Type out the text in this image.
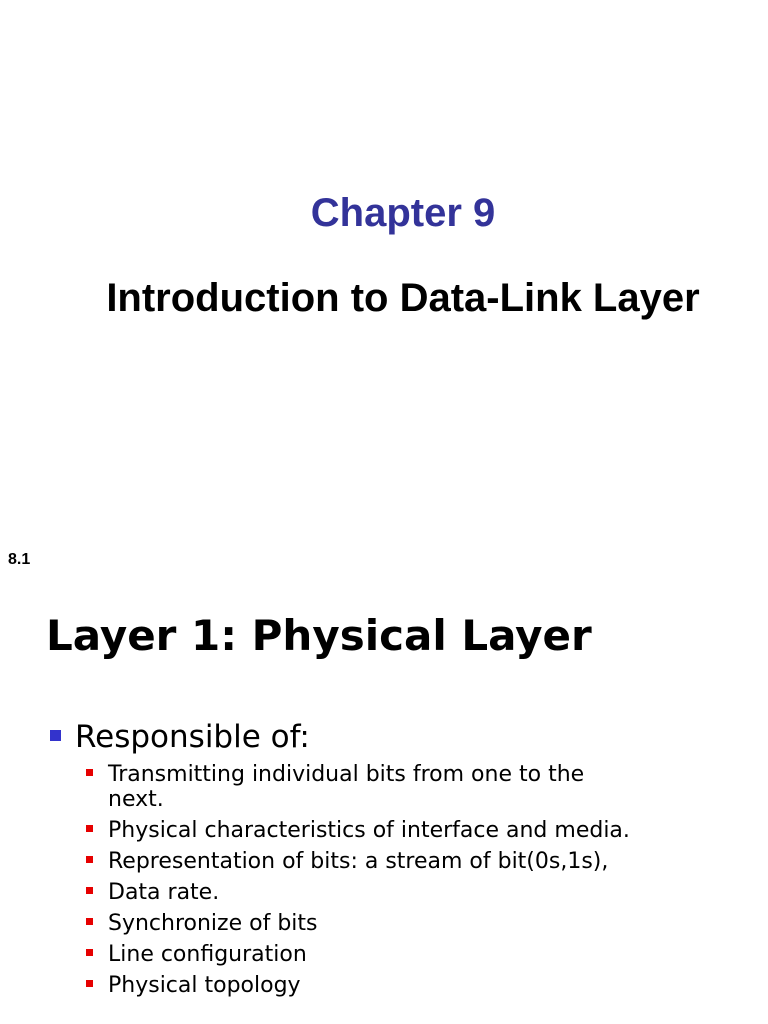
Chapter 9
Introduction to Data-Link Layer
8.1
Layer 1: Physical Layer
Responsible of:
Transmitting individual bits from one to the next.
Physical characteristics of interface and media.
Representation of bits: a stream of bit(0s,1s),
Data rate.
Synchronize of bits
Line configuration
Physical topology
